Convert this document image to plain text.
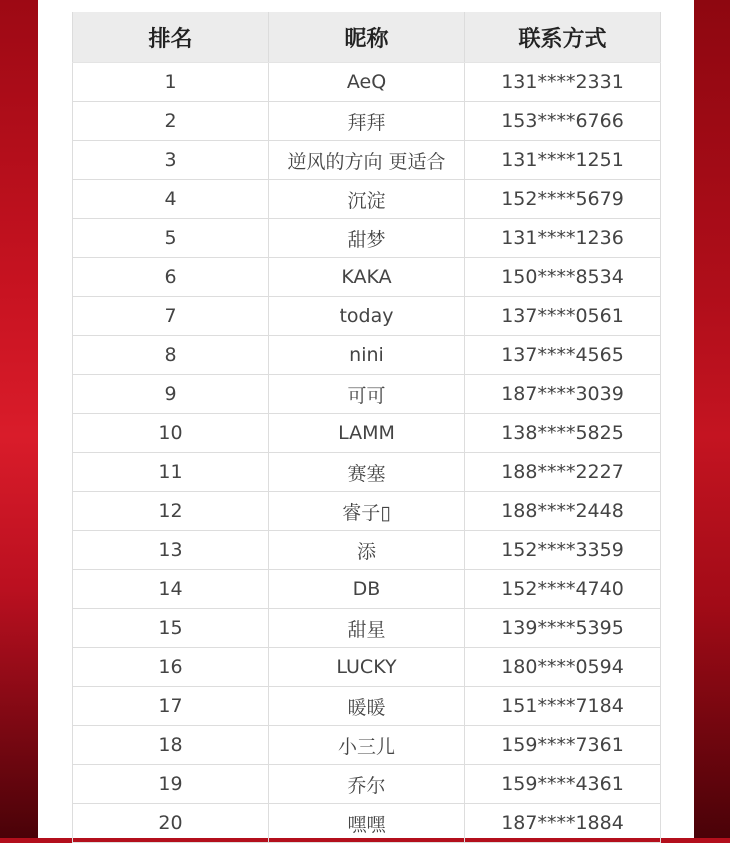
排名	昵称	联系方式
1	AeQ	131****2331
2	拜拜	153****6766
3	逆风的方向 更适合	131****1251
4	沉淀	152****5679
5	甜梦	131****1236
6	KAKA	150****8534
7	today	137****0561
8	nini	137****4565
9	可可	187****3039
10	LAMM	138****5825
11	赛塞	188****2227
12	睿子▯	188****2448
13	添	152****3359
14	DB	152****4740
15	甜星	139****5395
16	LUCKY	180****0594
17	暖暖	151****7184
18	小三儿	159****7361
19	乔尔	159****4361
20	嘿嘿	187****1884
